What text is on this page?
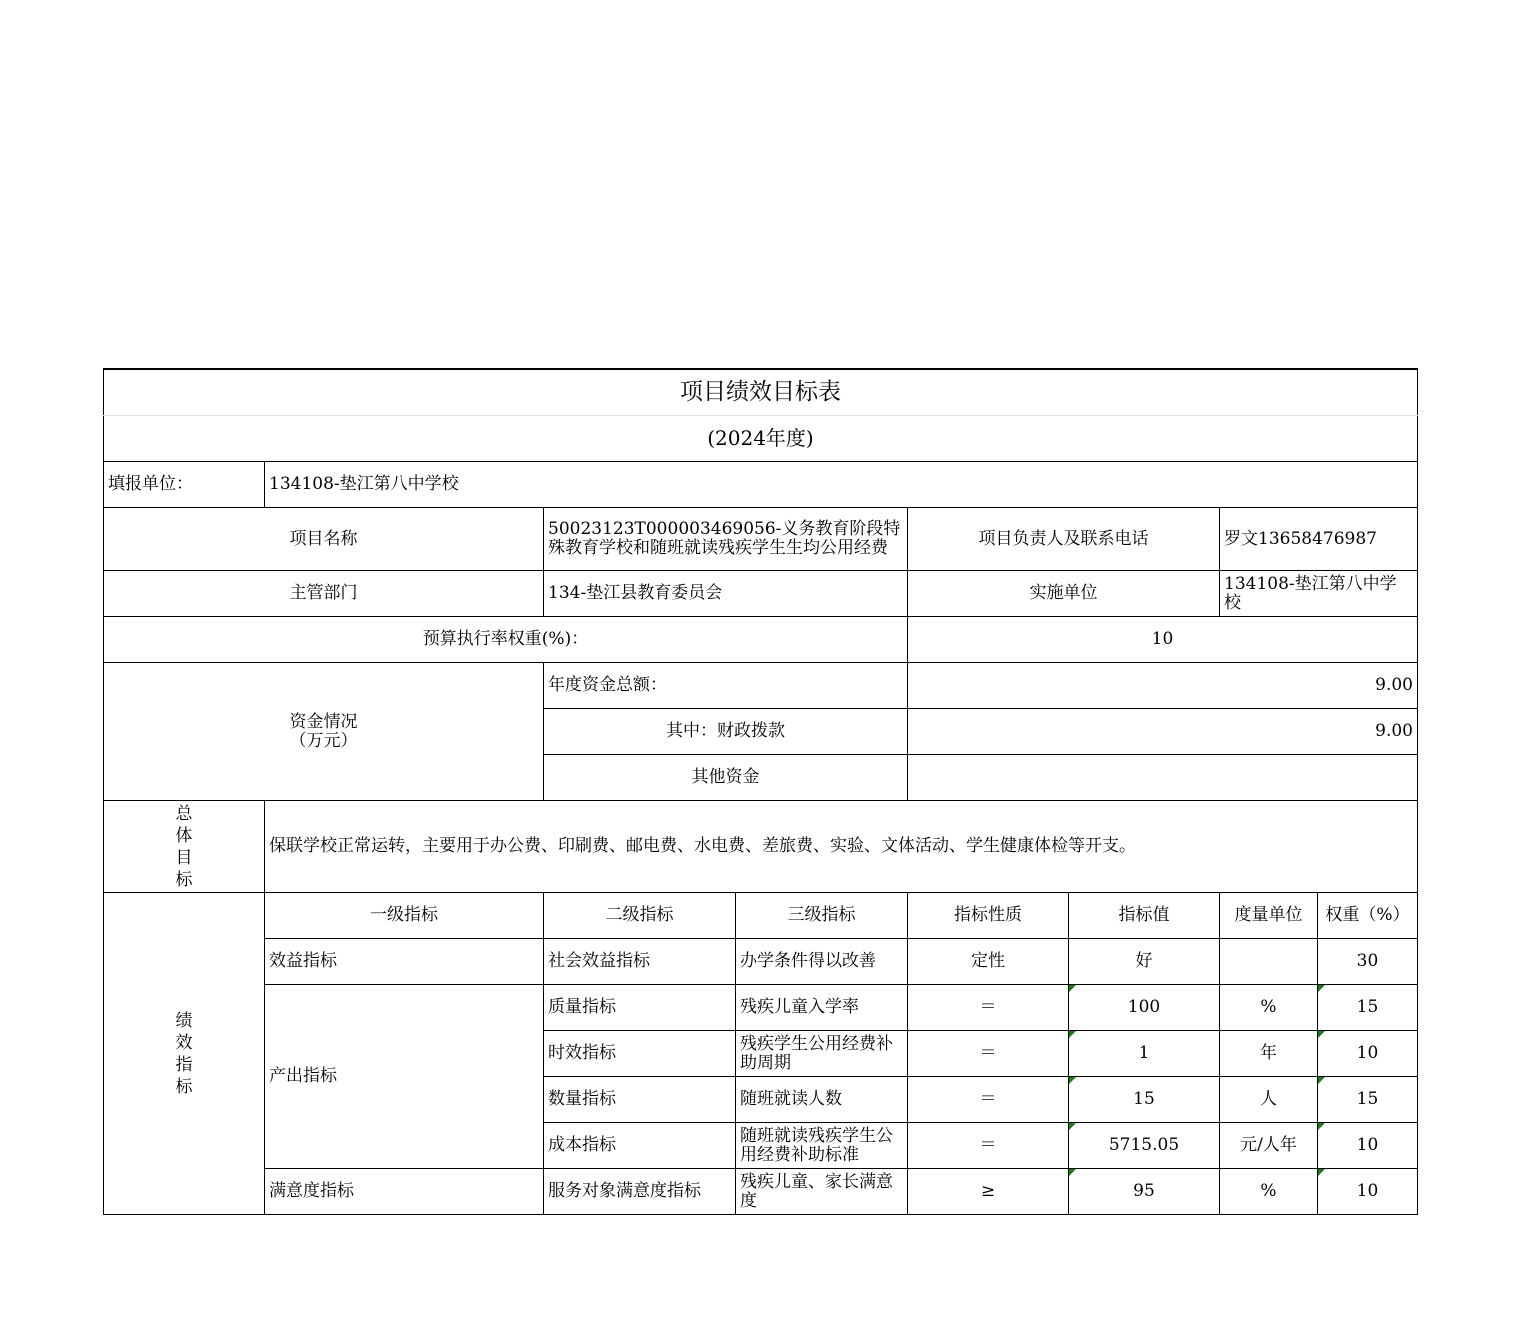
项目绩效目标表							
(2024年度)							
填报单位：	134108-垫江第八中学校						
项目名称		50023123T000003469056-义务教育阶段特殊教育学校和随班就读残疾学生生均公用经费		项目负责人及联系电话		罗文13658476987	
主管部门		134-垫江县教育委员会		实施单位		134108-垫江第八中学校	
预算执行率权重(%)：				10			
资金情况
（万元）		年度资金总额：		9.00			
		其中：财政拨款		9.00			
		其他资金					

总
体
目
标	保联学校正常运转，主要用于办公费、印刷费、邮电费、水电费、差旅费、实验、文体活动、学生健康体检等开支。						

绩
效
指
标	一级指标	二级指标	三级指标	指标性质	指标值	度量单位	权重（%）
	效益指标	社会效益指标	办学条件得以改善	定性	好		30
	产出指标	质量指标	残疾儿童入学率	＝	100	%	15
		时效指标	残疾学生公用经费补助周期	＝	1	年	10
		数量指标	随班就读人数	＝	15	人	15
		成本指标	随班就读残疾学生公用经费补助标准	＝	5715.05	元/人年	10
	满意度指标	服务对象满意度指标	残疾儿童、家长满意度	≥	95	%	10
